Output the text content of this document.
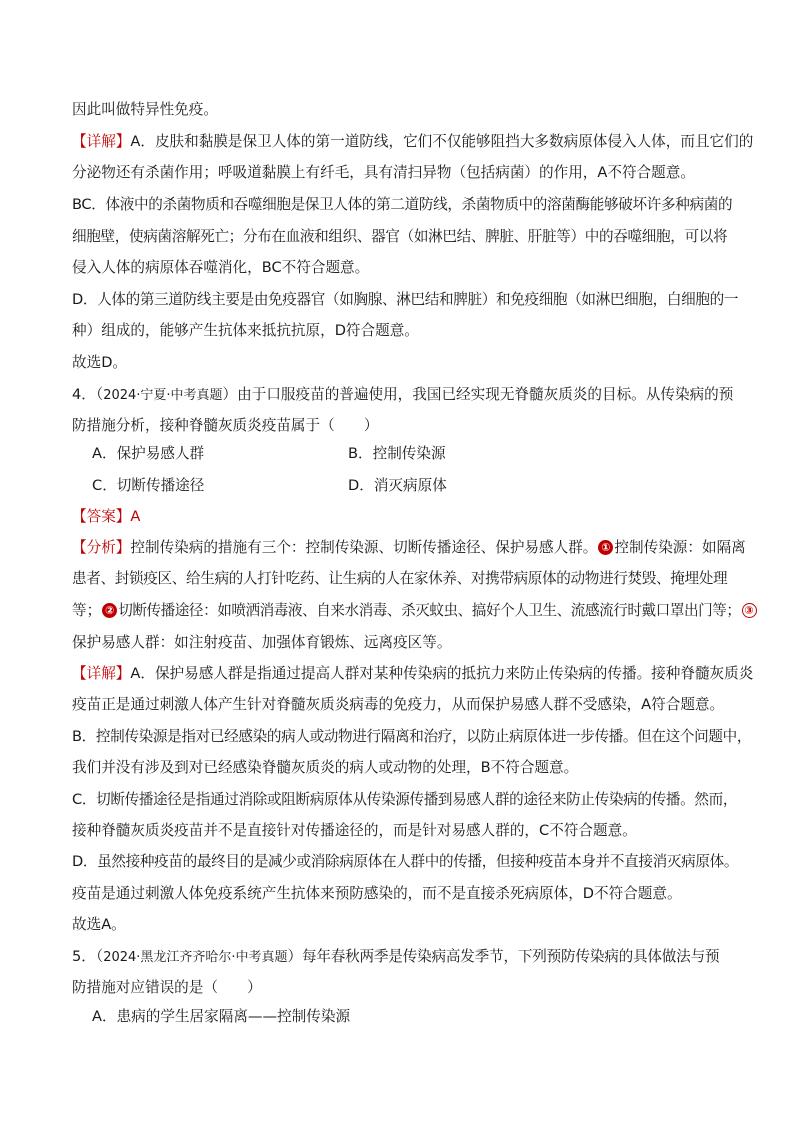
因此叫做特异性免疫。
【详解】A．皮肤和黏膜是保卫人体的第一道防线，它们不仅能够阻挡大多数病原体侵入人体，而且它们的
分泌物还有杀菌作用；呼吸道黏膜上有纤毛，具有清扫异物（包括病菌）的作用，A不符合题意。
BC．体液中的杀菌物质和吞噬细胞是保卫人体的第二道防线，杀菌物质中的溶菌酶能够破坏许多种病菌的
细胞壁，使病菌溶解死亡；分布在血液和组织、器官（如淋巴结、脾脏、肝脏等）中的吞噬细胞，可以将
侵入人体的病原体吞噬消化，BC不符合题意。
D．人体的第三道防线主要是由免疫器官（如胸腺、淋巴结和脾脏）和免疫细胞（如淋巴细胞，白细胞的一
种）组成的，能够产生抗体来抵抗抗原，D符合题意。
故选D。
4．（2024·宁夏·中考真题）由于口服疫苗的普遍使用，我国已经实现无脊髓灰质炎的目标。从传染病的预
防措施分析，接种脊髓灰质炎疫苗属于（　　）
A．保护易感人群	B．控制传染源
C．切断传播途径	D．消灭病原体
【答案】A
【分析】控制传染病的措施有三个：控制传染源、切断传播途径、保护易感人群。 ① 控制传染源：如隔离
患者、封锁疫区、给生病的人打针吃药、让生病的人在家休养、对携带病原体的动物进行焚毁、掩埋处理
等； ② 切断传播途径：如喷洒消毒液、自来水消毒、杀灭蚊虫、搞好个人卫生、流感流行时戴口罩出门等； ③
保护易感人群：如注射疫苗、加强体育锻炼、远离疫区等。
【详解】A．保护易感人群是指通过提高人群对某种传染病的抵抗力来防止传染病的传播。接种脊髓灰质炎
疫苗正是通过刺激人体产生针对脊髓灰质炎病毒的免疫力，从而保护易感人群不受感染，A符合题意。
B．控制传染源是指对已经感染的病人或动物进行隔离和治疗，以防止病原体进一步传播。但在这个问题中，
我们并没有涉及到对已经感染脊髓灰质炎的病人或动物的处理，B不符合题意。
C．切断传播途径是指通过消除或阻断病原体从传染源传播到易感人群的途径来防止传染病的传播。然而，
接种脊髓灰质炎疫苗并不是直接针对传播途径的，而是针对易感人群的，C不符合题意。
D．虽然接种疫苗的最终目的是减少或消除病原体在人群中的传播，但接种疫苗本身并不直接消灭病原体。
疫苗是通过刺激人体免疫系统产生抗体来预防感染的，而不是直接杀死病原体，D不符合题意。
故选A。
5．（2024·黑龙江齐齐哈尔·中考真题）每年春秋两季是传染病高发季节，下列预防传染病的具体做法与预
防措施对应错误的是（　　）
A．患病的学生居家隔离——控制传染源
